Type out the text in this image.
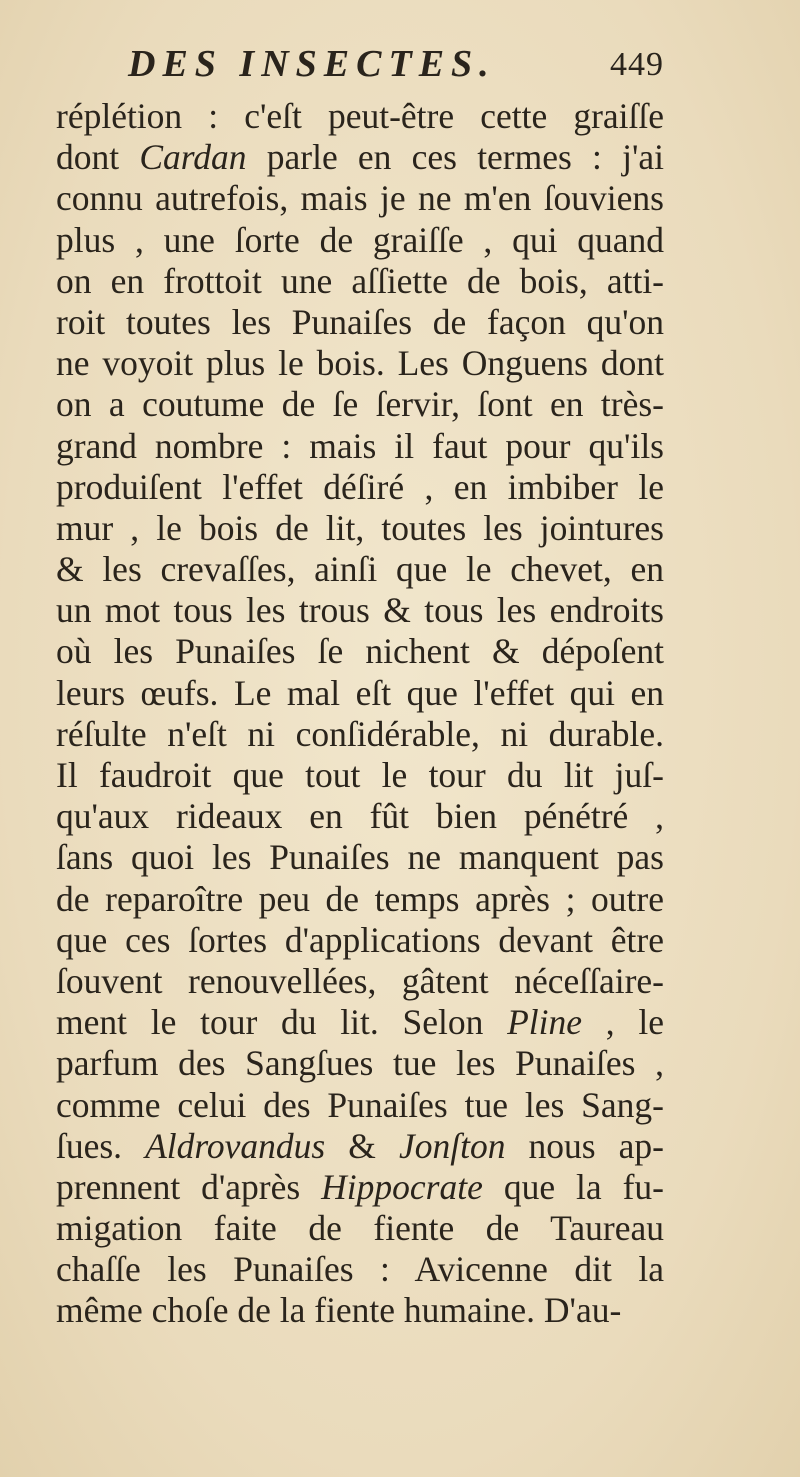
DES INSECTES.	449
réplétion : c'eſt peut-être cette graiſſe
dont Cardan parle en ces termes : j'ai
connu autrefois, mais je ne m'en ſouviens
plus , une ſorte de graiſſe , qui quand
on en frottoit une aſſiette de bois, atti-
roit toutes les Punaiſes de façon qu'on
ne voyoit plus le bois. Les Onguens dont
on a coutume de ſe ſervir, ſont en très-
grand nombre : mais il faut pour qu'ils
produiſent l'effet déſiré , en imbiber le
mur , le bois de lit, toutes les jointures
& les crevaſſes, ainſi que le chevet, en
un mot tous les trous & tous les endroits
où les Punaiſes ſe nichent & dépoſent
leurs œufs. Le mal eſt que l'effet qui en
réſulte n'eſt ni conſidérable, ni durable.
Il faudroit que tout le tour du lit juſ-
qu'aux rideaux en fût bien pénétré ,
ſans quoi les Punaiſes ne manquent pas
de reparoître peu de temps après ; outre
que ces ſortes d'applications devant être
ſouvent renouvellées, gâtent néceſſaire-
ment le tour du lit. Selon Pline , le
parfum des Sangſues tue les Punaiſes ,
comme celui des Punaiſes tue les Sang-
ſues. Aldrovandus & Jonſton nous ap-
prennent d'après Hippocrate que la fu-
migation faite de fiente de Taureau
chaſſe les Punaiſes : Avicenne dit la
même choſe de la fiente humaine. D'au-
